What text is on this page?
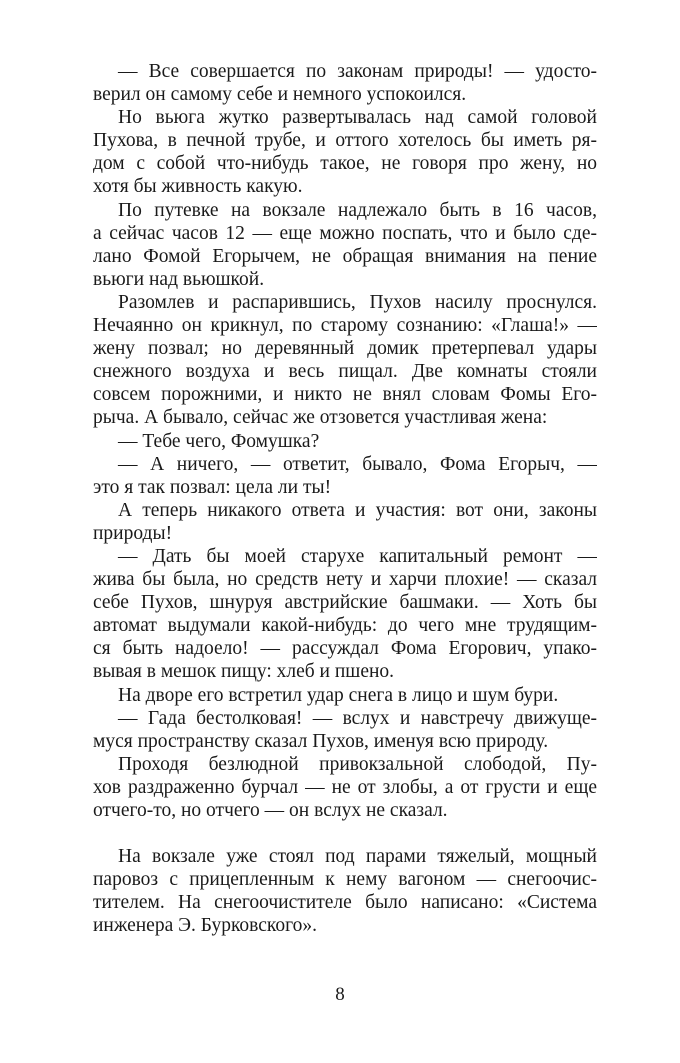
— Все совершается по законам природы! — удосто-
верил он самому себе и немного успокоился.
Но вьюга жутко развертывалась над самой головой
Пухова, в печной трубе, и оттого хотелось бы иметь ря-
дом с собой что-нибудь такое, не говоря про жену, но
хотя бы живность какую.
По путевке на вокзале надлежало быть в 16 часов,
а сейчас часов 12 — еще можно поспать, что и было сде-
лано Фомой Егорычем, не обращая внимания на пение
вьюги над вьюшкой.
Разомлев и распарившись, Пухов насилу проснулся.
Нечаянно он крикнул, по старому сознанию: «Глаша!» —
жену позвал; но деревянный домик претерпевал удары
снежного воздуха и весь пищал. Две комнаты стояли
совсем порожними, и никто не внял словам Фомы Его-
рыча. А бывало, сейчас же отзовется участливая жена:
— Тебе чего, Фомушка?
— А ничего, — ответит, бывало, Фома Егорыч, —
это я так позвал: цела ли ты!
А теперь никакого ответа и участия: вот они, законы
природы!
— Дать бы моей старухе капитальный ремонт —
жива бы была, но средств нету и харчи плохие! — сказал
себе Пухов, шнуруя австрийские башмаки. — Хоть бы
автомат выдумали какой-нибудь: до чего мне трудящим-
ся быть надоело! — рассуждал Фома Егорович, упако-
вывая в мешок пищу: хлеб и пшено.
На дворе его встретил удар снега в лицо и шум бури.
— Гада бестолковая! — вслух и навстречу движуще-
муся пространству сказал Пухов, именуя всю природу.
Проходя безлюдной привокзальной слободой, Пу-
хов раздраженно бурчал — не от злобы, а от грусти и еще
отчего-то, но отчего — он вслух не сказал.
На вокзале уже стоял под парами тяжелый, мощный
паровоз с прицепленным к нему вагоном — снегоочис-
тителем. На снегоочистителе было написано: «Система
инженера Э. Бурковского».
8
